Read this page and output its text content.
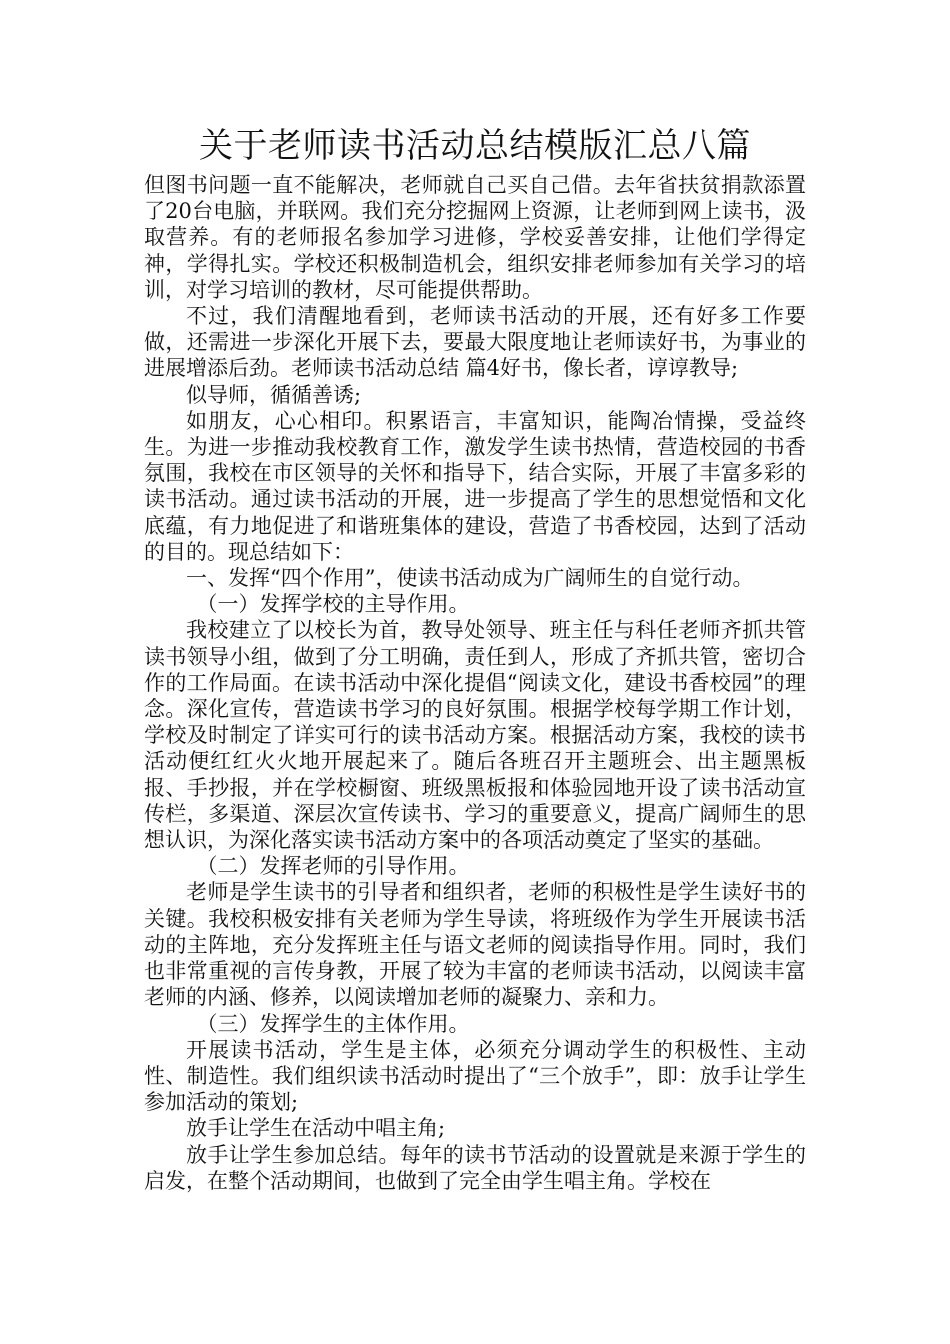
关于老师读书活动总结模版汇总八篇

但图书问题一直不能解决，老师就自己买自己借。去年省扶贫捐款添置了20台电脑，并联网。我们充分挖掘网上资源，让老师到网上读书，汲取营养。有的老师报名参加学习进修，学校妥善安排，让他们学得定神，学得扎实。学校还积极制造机会，组织安排老师参加有关学习的培训，对学习培训的教材，尽可能提供帮助。

不过，我们清醒地看到，老师读书活动的开展，还有好多工作要做，还需进一步深化开展下去，要最大限度地让老师读好书，为事业的进展增添后劲。老师读书活动总结 篇4好书，像长者，谆谆教导;

似导师，循循善诱;

如朋友，心心相印。积累语言，丰富知识，能陶冶情操，受益终生。为进一步推动我校教育工作，激发学生读书热情，营造校园的书香氛围，我校在市区领导的关怀和指导下，结合实际，开展了丰富多彩的读书活动。通过读书活动的开展，进一步提高了学生的思想觉悟和文化底蕴，有力地促进了和谐班集体的建设，营造了书香校园，达到了活动的目的。现总结如下：

一、发挥“四个作用”，使读书活动成为广阔师生的自觉行动。

（一）发挥学校的主导作用。

我校建立了以校长为首，教导处领导、班主任与科任老师齐抓共管读书领导小组，做到了分工明确，责任到人，形成了齐抓共管，密切合作的工作局面。在读书活动中深化提倡“阅读文化，建设书香校园”的理念。深化宣传，营造读书学习的良好氛围。根据学校每学期工作计划，学校及时制定了详实可行的读书活动方案。根据活动方案，我校的读书活动便红红火火地开展起来了。随后各班召开主题班会、出主题黑板报、手抄报，并在学校橱窗、班级黑板报和体验园地开设了读书活动宣传栏，多渠道、深层次宣传读书、学习的重要意义，提高广阔师生的思想认识，为深化落实读书活动方案中的各项活动奠定了坚实的基础。

（二）发挥老师的引导作用。

老师是学生读书的引导者和组织者，老师的积极性是学生读好书的关键。我校积极安排有关老师为学生导读，将班级作为学生开展读书活动的主阵地，充分发挥班主任与语文老师的阅读指导作用。同时，我们也非常重视的言传身教，开展了较为丰富的老师读书活动，以阅读丰富老师的内涵、修养，以阅读增加老师的凝聚力、亲和力。

（三）发挥学生的主体作用。

开展读书活动，学生是主体，必须充分调动学生的积极性、主动性、制造性。我们组织读书活动时提出了“三个放手”，即：放手让学生参加活动的策划;

放手让学生在活动中唱主角;

放手让学生参加总结。每年的读书节活动的设置就是来源于学生的启发，在整个活动期间，也做到了完全由学生唱主角。学校在
